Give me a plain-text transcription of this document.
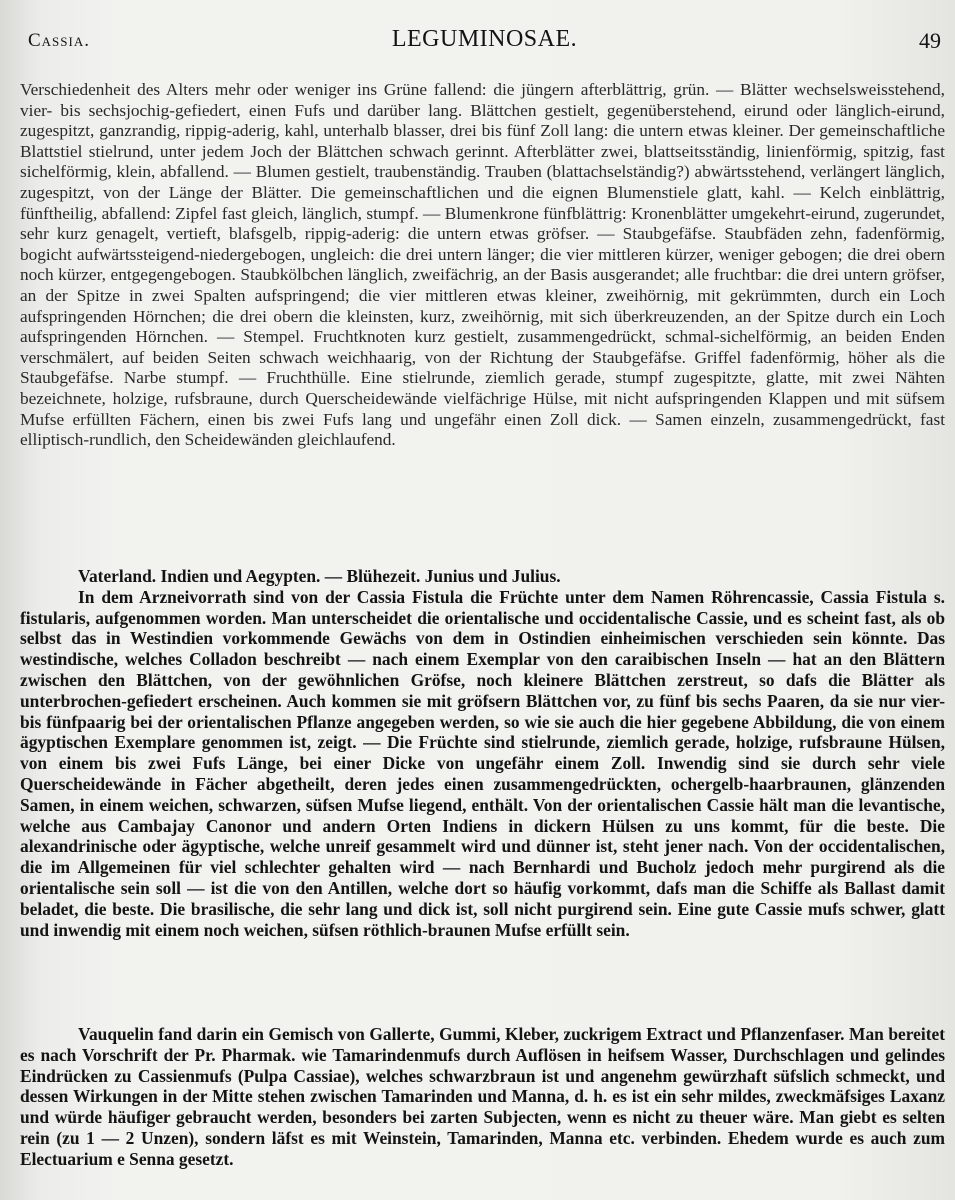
Cassia.	LEGUMINOSAE.	49

Verschiedenheit des Alters mehr oder weniger ins Grüne fallend: die jüngern afterblättrig, grün. — Blätter wechselsweisstehend, vier- bis sechsjochig-gefiedert, einen Fufs und darüber lang. Blättchen gestielt, gegenüberstehend, eirund oder länglich-eirund, zugespitzt, ganzrandig, rippig-aderig, kahl, unterhalb blasser, drei bis fünf Zoll lang: die untern etwas kleiner. Der gemeinschaftliche Blattstiel stielrund, unter jedem Joch der Blättchen schwach gerinnt. Afterblätter zwei, blattseitsständig, linienförmig, spitzig, fast sichelförmig, klein, abfallend. — Blumen gestielt, traubenständig. Trauben (blattachselständig?) abwärtsstehend, verlängert länglich, zugespitzt, von der Länge der Blätter. Die gemeinschaftlichen und die eignen Blumenstiele glatt, kahl. — Kelch einblättrig, fünftheilig, abfallend: Zipfel fast gleich, länglich, stumpf. — Blumenkrone fünfblättrig: Kronenblätter umgekehrt-eirund, zugerundet, sehr kurz genagelt, vertieft, blafsgelb, rippig-aderig: die untern etwas gröfser. — Staubgefäfse. Staubfäden zehn, fadenförmig, bogicht aufwärtssteigend-niedergebogen, ungleich: die drei untern länger; die vier mittleren kürzer, weniger gebogen; die drei obern noch kürzer, entgegengebogen. Staubkölbchen länglich, zweifächrig, an der Basis ausgerandet; alle fruchtbar: die drei untern gröfser, an der Spitze in zwei Spalten aufspringend; die vier mittleren etwas kleiner, zweihörnig, mit gekrümmten, durch ein Loch aufspringenden Hörnchen; die drei obern die kleinsten, kurz, zweihörnig, mit sich überkreuzenden, an der Spitze durch ein Loch aufspringenden Hörnchen. — Stempel. Fruchtknoten kurz gestielt, zusammengedrückt, schmal-sichelförmig, an beiden Enden verschmälert, auf beiden Seiten schwach weichhaarig, von der Richtung der Staubgefäfse. Griffel fadenförmig, höher als die Staubgefäfse. Narbe stumpf. — Fruchthülle. Eine stielrunde, ziemlich gerade, stumpf zugespitzte, glatte, mit zwei Nähten bezeichnete, holzige, rufsbraune, durch Querscheidewände vielfächrige Hülse, mit nicht aufspringenden Klappen und mit süfsem Mufse erfüllten Fächern, einen bis zwei Fufs lang und ungefähr einen Zoll dick. — Samen einzeln, zusammengedrückt, fast elliptisch-rundlich, den Scheidewänden gleichlaufend.

Vaterland. Indien und Aegypten. — Blühezeit. Junius und Julius.

In dem Arzneivorrath sind von der Cassia Fistula die Früchte unter dem Namen Röhrencassie, Cassia Fistula s. fistularis, aufgenommen worden. Man unterscheidet die orientalische und occidentalische Cassie, und es scheint fast, als ob selbst das in Westindien vorkommende Gewächs von dem in Ostindien einheimischen verschieden sein könnte. Das westindische, welches Colladon beschreibt — nach einem Exemplar von den caraibischen Inseln — hat an den Blättern zwischen den Blättchen, von der gewöhnlichen Gröfse, noch kleinere Blättchen zerstreut, so dafs die Blätter als unterbrochen-gefiedert erscheinen. Auch kommen sie mit gröfsern Blättchen vor, zu fünf bis sechs Paaren, da sie nur vier- bis fünfpaarig bei der orientalischen Pflanze angegeben werden, so wie sie auch die hier gegebene Abbildung, die von einem ägyptischen Exemplare genommen ist, zeigt. — Die Früchte sind stielrunde, ziemlich gerade, holzige, rufsbraune Hülsen, von einem bis zwei Fufs Länge, bei einer Dicke von ungefähr einem Zoll. Inwendig sind sie durch sehr viele Querscheidewände in Fächer abgetheilt, deren jedes einen zusammengedrückten, ochergelb-haarbraunen, glänzenden Samen, in einem weichen, schwarzen, süfsen Mufse liegend, enthält. Von der orientalischen Cassie hält man die levantische, welche aus Cambajay Canonor und andern Orten Indiens in dickern Hülsen zu uns kommt, für die beste. Die alexandrinische oder ägyptische, welche unreif gesammelt wird und dünner ist, steht jener nach. Von der occidentalischen, die im Allgemeinen für viel schlechter gehalten wird — nach Bernhardi und Bucholz jedoch mehr purgirend als die orientalische sein soll — ist die von den Antillen, welche dort so häufig vorkommt, dafs man die Schiffe als Ballast damit beladet, die beste. Die brasilische, die sehr lang und dick ist, soll nicht purgirend sein. Eine gute Cassie mufs schwer, glatt und inwendig mit einem noch weichen, süfsen röthlich-braunen Mufse erfüllt sein.

Vauquelin fand darin ein Gemisch von Gallerte, Gummi, Kleber, zuckrigem Extract und Pflanzenfaser. Man bereitet es nach Vorschrift der Pr. Pharmak. wie Tamarindenmufs durch Auflösen in heifsem Wasser, Durchschlagen und gelindes Eindrücken zu Cassienmufs (Pulpa Cassiae), welches schwarzbraun ist und angenehm gewürzhaft süfslich schmeckt, und dessen Wirkungen in der Mitte stehen zwischen Tamarinden und Manna, d. h. es ist ein sehr mildes, zweckmäfsiges Laxanz und würde häufiger gebraucht werden, besonders bei zarten Subjecten, wenn es nicht zu theuer wäre. Man giebt es selten rein (zu 1 — 2 Unzen), sondern läfst es mit Weinstein, Tamarinden, Manna etc. verbinden. Ehedem wurde es auch zum Electuarium e Senna gesetzt.
